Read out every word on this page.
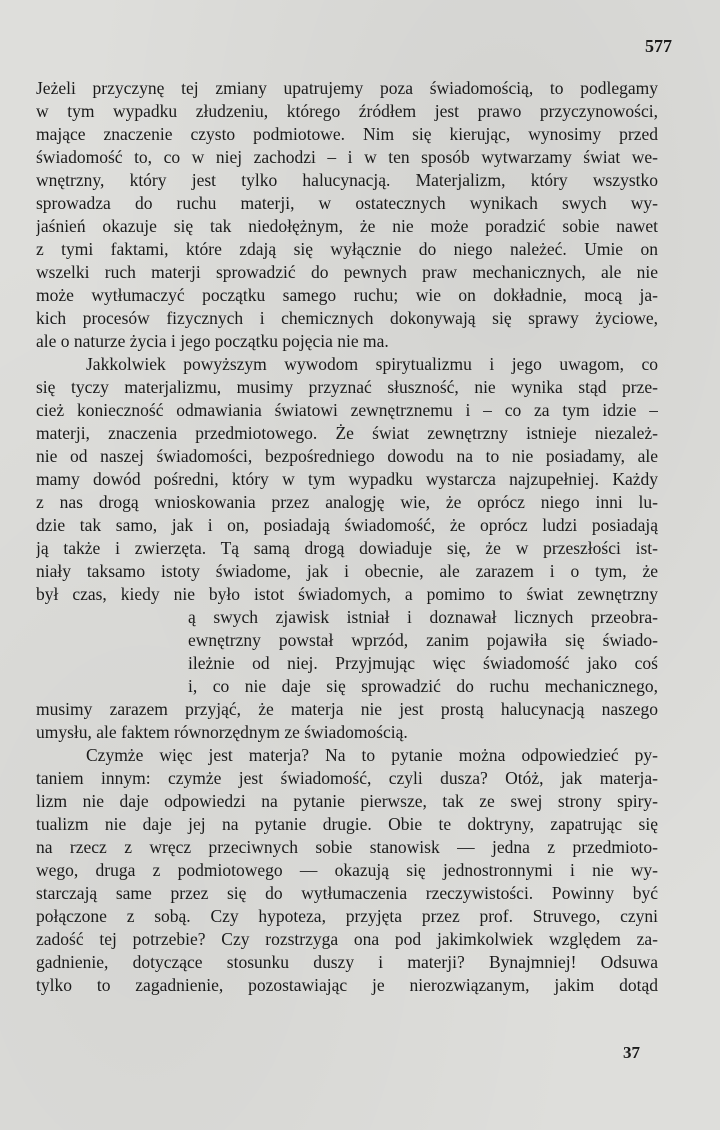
577
Jeżeli przyczynę tej zmiany upatrujemy poza świadomością, to podlegamy
w tym wypadku złudzeniu, którego źródłem jest prawo przyczynowości,
mające znaczenie czysto podmiotowe. Nim się kierując, wynosimy przed
świadomość to, co w niej zachodzi – i w ten sposób wytwarzamy świat we-
wnętrzny, który jest tylko halucynacją. Materjalizm, który wszystko
sprowadza do ruchu materji, w ostatecznych wynikach swych wy-
jaśnień okazuje się tak niedołężnym, że nie może poradzić sobie nawet
z tymi faktami, które zdają się wyłącznie do niego należeć. Umie on
wszelki ruch materji sprowadzić do pewnych praw mechanicznych, ale nie
może wytłumaczyć początku samego ruchu; wie on dokładnie, mocą ja-
kich procesów fizycznych i chemicznych dokonywają się sprawy życiowe,
ale o naturze życia i jego początku pojęcia nie ma.
Jakkolwiek powyższym wywodom spirytualizmu i jego uwagom, co
się tyczy materjalizmu, musimy przyznać słuszność, nie wynika stąd prze-
cież konieczność odmawiania światowi zewnętrznemu i – co za tym idzie –
materji, znaczenia przedmiotowego. Że świat zewnętrzny istnieje niezależ-
nie od naszej świadomości, bezpośredniego dowodu na to nie posiadamy, ale
mamy dowód pośredni, który w tym wypadku wystarcza najzupełniej. Każdy
z nas drogą wnioskowania przez analogję wie, że oprócz niego inni lu-
dzie tak samo, jak i on, posiadają świadomość, że oprócz ludzi posiadają
ją także i zwierzęta. Tą samą drogą dowiaduje się, że w przeszłości ist-
niały taksamo istoty świadome, jak i obecnie, ale zarazem i o tym, że
był czas, kiedy nie było istot świadomych, a pomimo to świat zewnętrzny
ą swych zjawisk istniał i doznawał licznych przeobra-
ewnętrzny powstał wprzód, zanim pojawiła się świado-
ileżnie od niej. Przyjmując więc świadomość jako coś
i, co nie daje się sprowadzić do ruchu mechanicznego,
musimy zarazem przyjąć, że materja nie jest prostą halucynacją naszego
umysłu, ale faktem równorzędnym ze świadomością.
Czymże więc jest materja? Na to pytanie można odpowiedzieć py-
taniem innym: czymże jest świadomość, czyli dusza? Otóż, jak materja-
lizm nie daje odpowiedzi na pytanie pierwsze, tak ze swej strony spiry-
tualizm nie daje jej na pytanie drugie. Obie te doktryny, zapatrując się
na rzecz z wręcz przeciwnych sobie stanowisk — jedna z przedmioto-
wego, druga z podmiotowego — okazują się jednostronnymi i nie wy-
starczają same przez się do wytłumaczenia rzeczywistości. Powinny być
połączone z sobą. Czy hypoteza, przyjęta przez prof. Struvego, czyni
zadość tej potrzebie? Czy rozstrzyga ona pod jakimkolwiek względem za-
gadnienie, dotyczące stosunku duszy i materji? Bynajmniej! Odsuwa
tylko to zagadnienie, pozostawiając je nierozwiązanym, jakim dotąd
37
